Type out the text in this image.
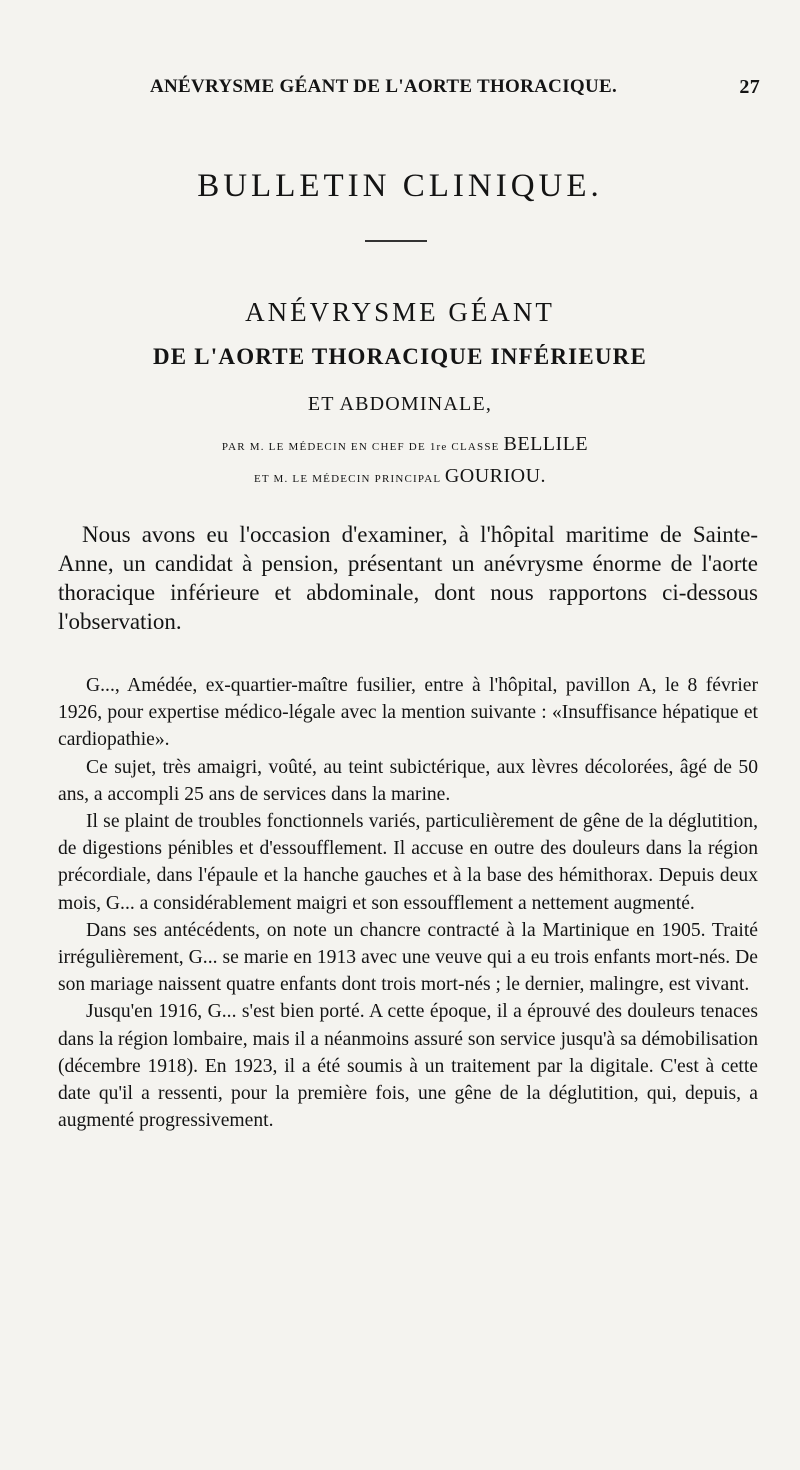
ANÉVRYSME GÉANT DE L'AORTE THORACIQUE.	27
BULLETIN CLINIQUE.
ANÉVRYSME GÉANT
DE L'AORTE THORACIQUE INFÉRIEURE
ET ABDOMINALE,
PAR M. LE MÉDECIN EN CHEF DE 1re CLASSE BELLILE
ET M. LE MÉDECIN PRINCIPAL GOURIOU.

Nous avons eu l'occasion d'examiner, à l'hôpital maritime de Sainte-Anne, un candidat à pension, présentant un anévrysme énorme de l'aorte thoracique inférieure et abdominale, dont nous rapportons ci-dessous l'observation.

G..., Amédée, ex-quartier-maître fusilier, entre à l'hôpital, pavillon A, le 8 février 1926, pour expertise médico-légale avec la mention suivante : «Insuffisance hépatique et cardiopathie».

Ce sujet, très amaigri, voûté, au teint subictérique, aux lèvres décolorées, âgé de 50 ans, a accompli 25 ans de services dans la marine.

Il se plaint de troubles fonctionnels variés, particulièrement de gêne de la déglutition, de digestions pénibles et d'essoufflement. Il accuse en outre des douleurs dans la région précordiale, dans l'épaule et la hanche gauches et à la base des hémithorax. Depuis deux mois, G... a considérablement maigri et son essoufflement a nettement augmenté.

Dans ses antécédents, on note un chancre contracté à la Martinique en 1905. Traité irrégulièrement, G... se marie en 1913 avec une veuve qui a eu trois enfants mort-nés. De son mariage naissent quatre enfants dont trois mort-nés ; le dernier, malingre, est vivant.

Jusqu'en 1916, G... s'est bien porté. A cette époque, il a éprouvé des douleurs tenaces dans la région lombaire, mais il a néanmoins assuré son service jusqu'à sa démobilisation (décembre 1918). En 1923, il a été soumis à un traitement par la digitale. C'est à cette date qu'il a ressenti, pour la première fois, une gêne de la déglutition, qui, depuis, a augmenté progressivement.
